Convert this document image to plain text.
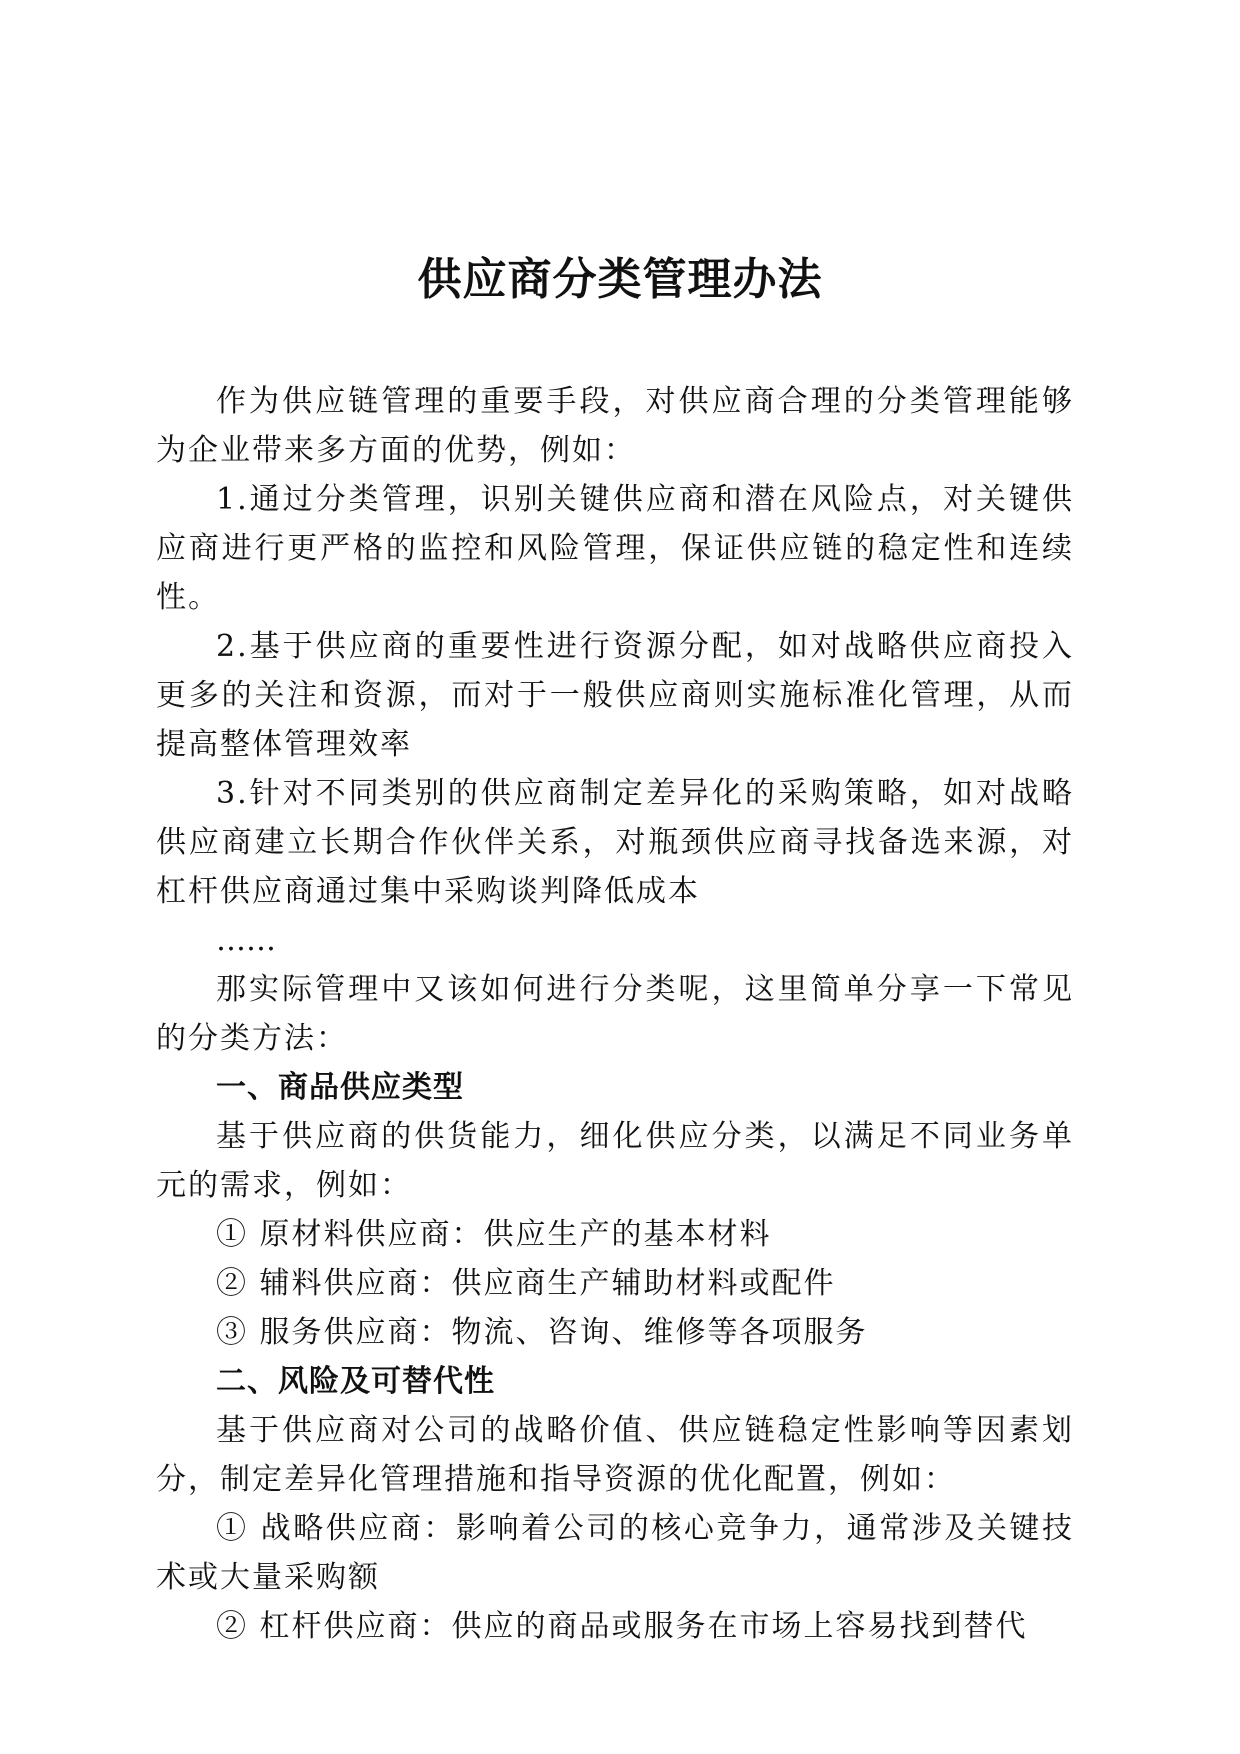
供应商分类管理办法

作为供应链管理的重要手段，对供应商合理的分类管理能够为企业带来多方面的优势，例如：

1.通过分类管理，识别关键供应商和潜在风险点，对关键供应商进行更严格的监控和风险管理，保证供应链的稳定性和连续性。

2.基于供应商的重要性进行资源分配，如对战略供应商投入更多的关注和资源，而对于一般供应商则实施标准化管理，从而提高整体管理效率

3.针对不同类别的供应商制定差异化的采购策略，如对战略供应商建立长期合作伙伴关系，对瓶颈供应商寻找备选来源，对杠杆供应商通过集中采购谈判降低成本

……

那实际管理中又该如何进行分类呢，这里简单分享一下常见的分类方法：

一、商品供应类型

基于供应商的供货能力，细化供应分类，以满足不同业务单元的需求，例如：

① 原材料供应商：供应生产的基本材料

② 辅料供应商：供应商生产辅助材料或配件

③ 服务供应商：物流、咨询、维修等各项服务

二、风险及可替代性

基于供应商对公司的战略价值、供应链稳定性影响等因素划分，制定差异化管理措施和指导资源的优化配置，例如：

① 战略供应商：影响着公司的核心竞争力，通常涉及关键技术或大量采购额

② 杠杆供应商：供应的商品或服务在市场上容易找到替代
